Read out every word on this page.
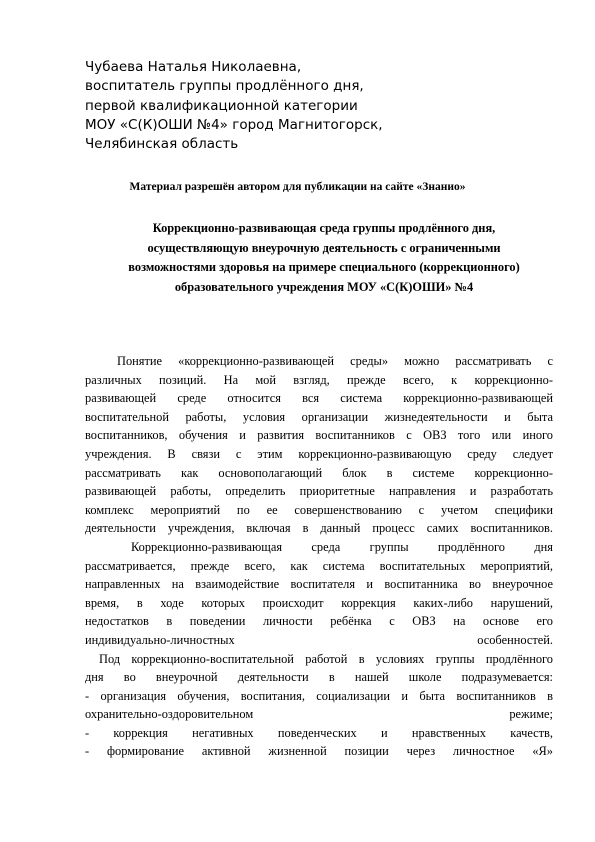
Чубаева Наталья Николаевна,
воспитатель группы продлённого дня,
первой квалификационной категории
МОУ «С(К)ОШИ №4» город Магнитогорск,
Челябинская область
Материал разрешён автором для публикации на сайте «Знанио»
Коррекционно-развивающая среда группы продлённого дня,
осуществляющую внеурочную деятельность с ограниченными
возможностями здоровья на примере специального (коррекционного)
образовательного учреждения МОУ «С(К)ОШИ» №4
Понятие «коррекционно-развивающей среды» можно рассматривать с
различных позиций. На мой взгляд, прежде всего, к коррекционно-
развивающей среде относится вся система коррекционно-развивающей
воспитательной работы, условия организации жизнедеятельности и быта
воспитанников, обучения и развития воспитанников с ОВЗ того или иного
учреждения. В связи с этим коррекционно-развивающую среду следует
рассматривать как основополагающий блок в системе коррекционно-
развивающей работы, определить приоритетные направления и разработать
комплекс мероприятий по ее совершенствованию с учетом специфики
деятельности учреждения, включая в данный процесс самих воспитанников.
Коррекционно-развивающая среда группы продлённого дня
рассматривается, прежде всего, как система воспитательных мероприятий,
направленных на взаимодействие воспитателя и воспитанника во внеурочное
время, в ходе которых происходит коррекция каких-либо нарушений,
недостатков в поведении личности ребёнка с ОВЗ на основе его
индивидуально-личностных особенностей.
Под коррекционно-воспитательной работой в условиях группы продлённого
дня во внеурочной деятельности в нашей школе подразумевается:
- организация обучения, воспитания, социализации и быта воспитанников в
охранительно-оздоровительном режиме;
- коррекция негативных поведенческих и нравственных качеств,
- формирование активной жизненной позиции через личностное «Я»
